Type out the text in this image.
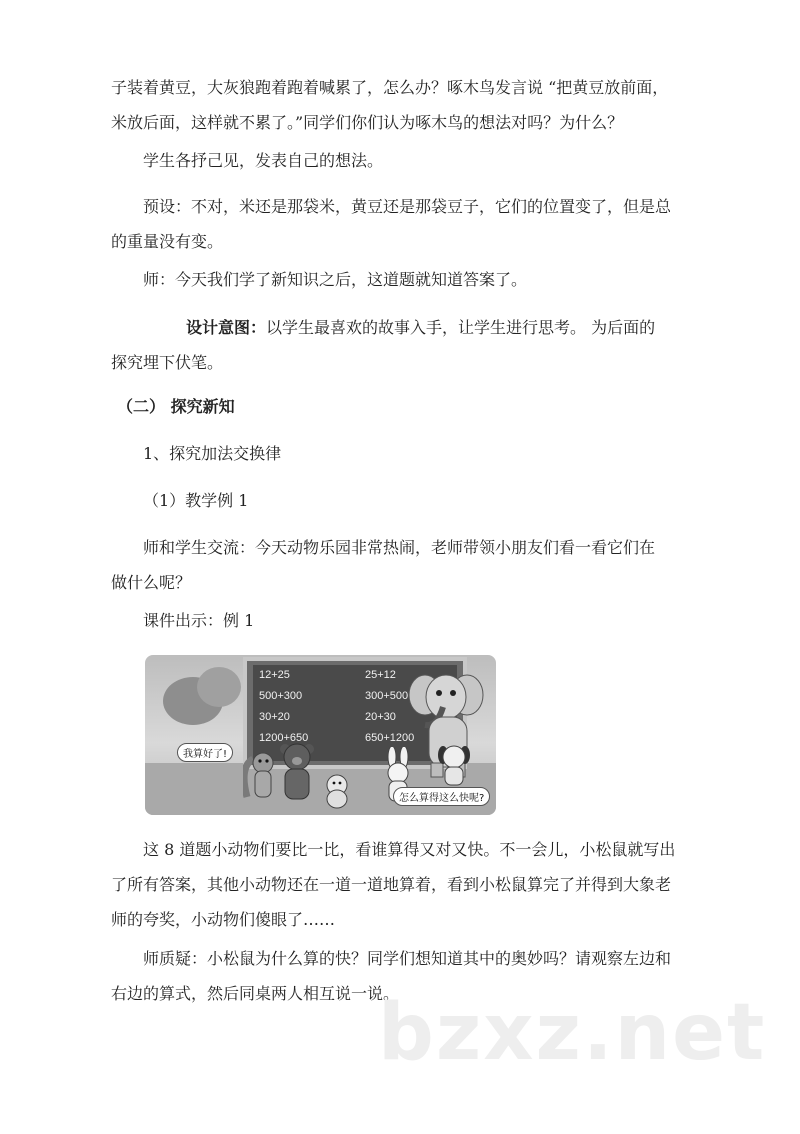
子装着黄豆，大灰狼跑着跑着喊累了，怎么办？啄木鸟发言说 “把黄豆放前面，
米放后面，这样就不累了。”同学们你们认为啄木鸟的想法对吗？为什么？

学生各抒己见，发表自己的想法。

预设：不对，米还是那袋米，黄豆还是那袋豆子，它们的位置变了，但是总
的重量没有变。

师：今天我们学了新知识之后，这道题就知道答案了。

设计意图：以学生最喜欢的故事入手，让学生进行思考。 为后面的
探究埋下伏笔。

（二） 探究新知

1、探究加法交换律

（1）教学例 1

师和学生交流：今天动物乐园非常热闹，老师带领小朋友们看一看它们在
做什么呢？

课件出示：例 1

12+25
500+300
30+20
1200+650
25+12
300+500
20+30
650+1200
我算好了!
怎么算得这么快呢?

这 8 道题小动物们要比一比，看谁算得又对又快。不一会儿，小松鼠就写出
了所有答案，其他小动物还在一道一道地算着，看到小松鼠算完了并得到大象老
师的夸奖，小动物们傻眼了……

师质疑：小松鼠为什么算的快？同学们想知道其中的奥妙吗？请观察左边和
右边的算式，然后同桌两人相互说一说。

bzxz.net
